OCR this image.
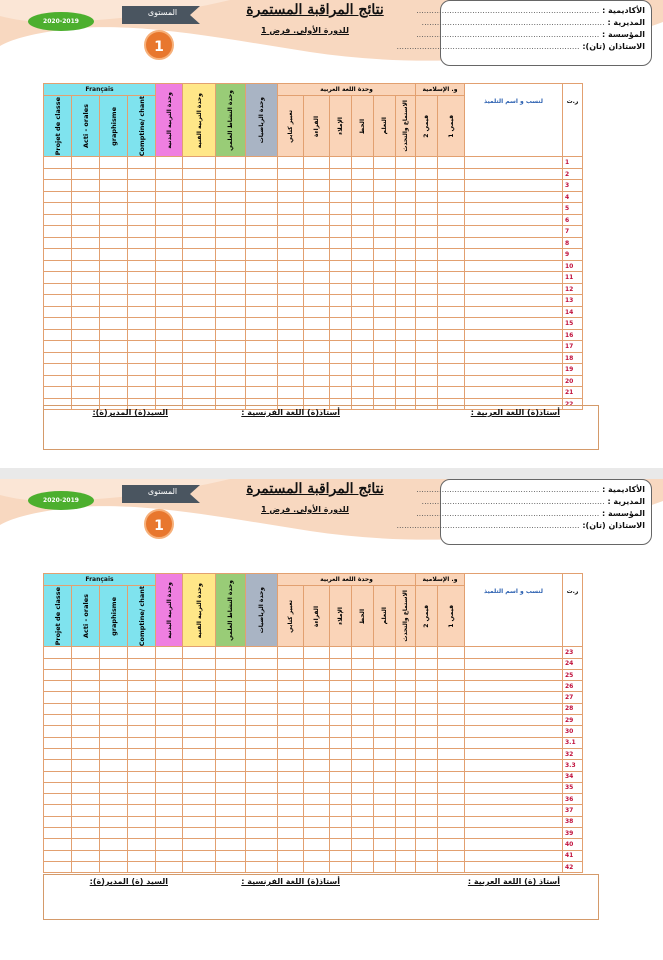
2020-2019
المستوى
1
نتائج المراقبة المستمرة
للدورة الأولى. فرض 1
الأكاديمية : ........................................................................
المديرية : ........................................................................
المؤسسة : ........................................................................
الاستاذان (تان): ........................................................................
Français				وحدة التربية البدنية	وحدة التربية الفنية	وحدة النشاط العلمي	وحدة الرياضيات	وحدة اللغة العربية						و. الإسلامية		لنسب و اسم التلميذ	ر.ت

Projet de classe	Acti - orales	graphisme	Comptine/ chant					تعبير كتابي	القراءة	الإملاء	الخط	التعلم	الاستماع والتحدث	قيمي 2	قيمي 1		

																	1
																	2
																	3
																	4
																	5
																	6
																	7
																	8
																	9
																	10
																	11
																	12
																	13
																	14
																	15
																	16
																	17
																	18
																	19
																	20
																	21
																	22
أستاذ(ة) اللغة العربية :
أستاذ(ة) اللغة الفرنسية :
السيد(ة) المدير(ة):
2020-2019
المستوى
1
نتائج المراقبة المستمرة
للدورة الأولى. فرض 1
الأكاديمية : ........................................................................
المديرية : ........................................................................
المؤسسة : ........................................................................
الاستاذان (تان): ........................................................................
Français				وحدة التربية البدنية	وحدة التربية الفنية	وحدة النشاط العلمي	وحدة الرياضيات	وحدة اللغة العربية						و. الإسلامية		لنسب و اسم التلميذ	ر.ت

Projet de classe	Acti - orales	graphisme	Comptine/ chant					تعبير كتابي	القراءة	الإملاء	الخط	التعلم	الاستماع والتحدث	قيمي 2	قيمي 1		

																	23
																	24
																	25
																	26
																	27
																	28
																	29
																	30
																	3.1
																	32
																	3.3
																	34
																	35
																	36
																	37
																	38
																	39
																	40
																	41
																	42
أستاذ (ة) اللغة العربية :
أستاذ(ة) اللغة الفرنسية :
السيد (ة) المدير(ة):
